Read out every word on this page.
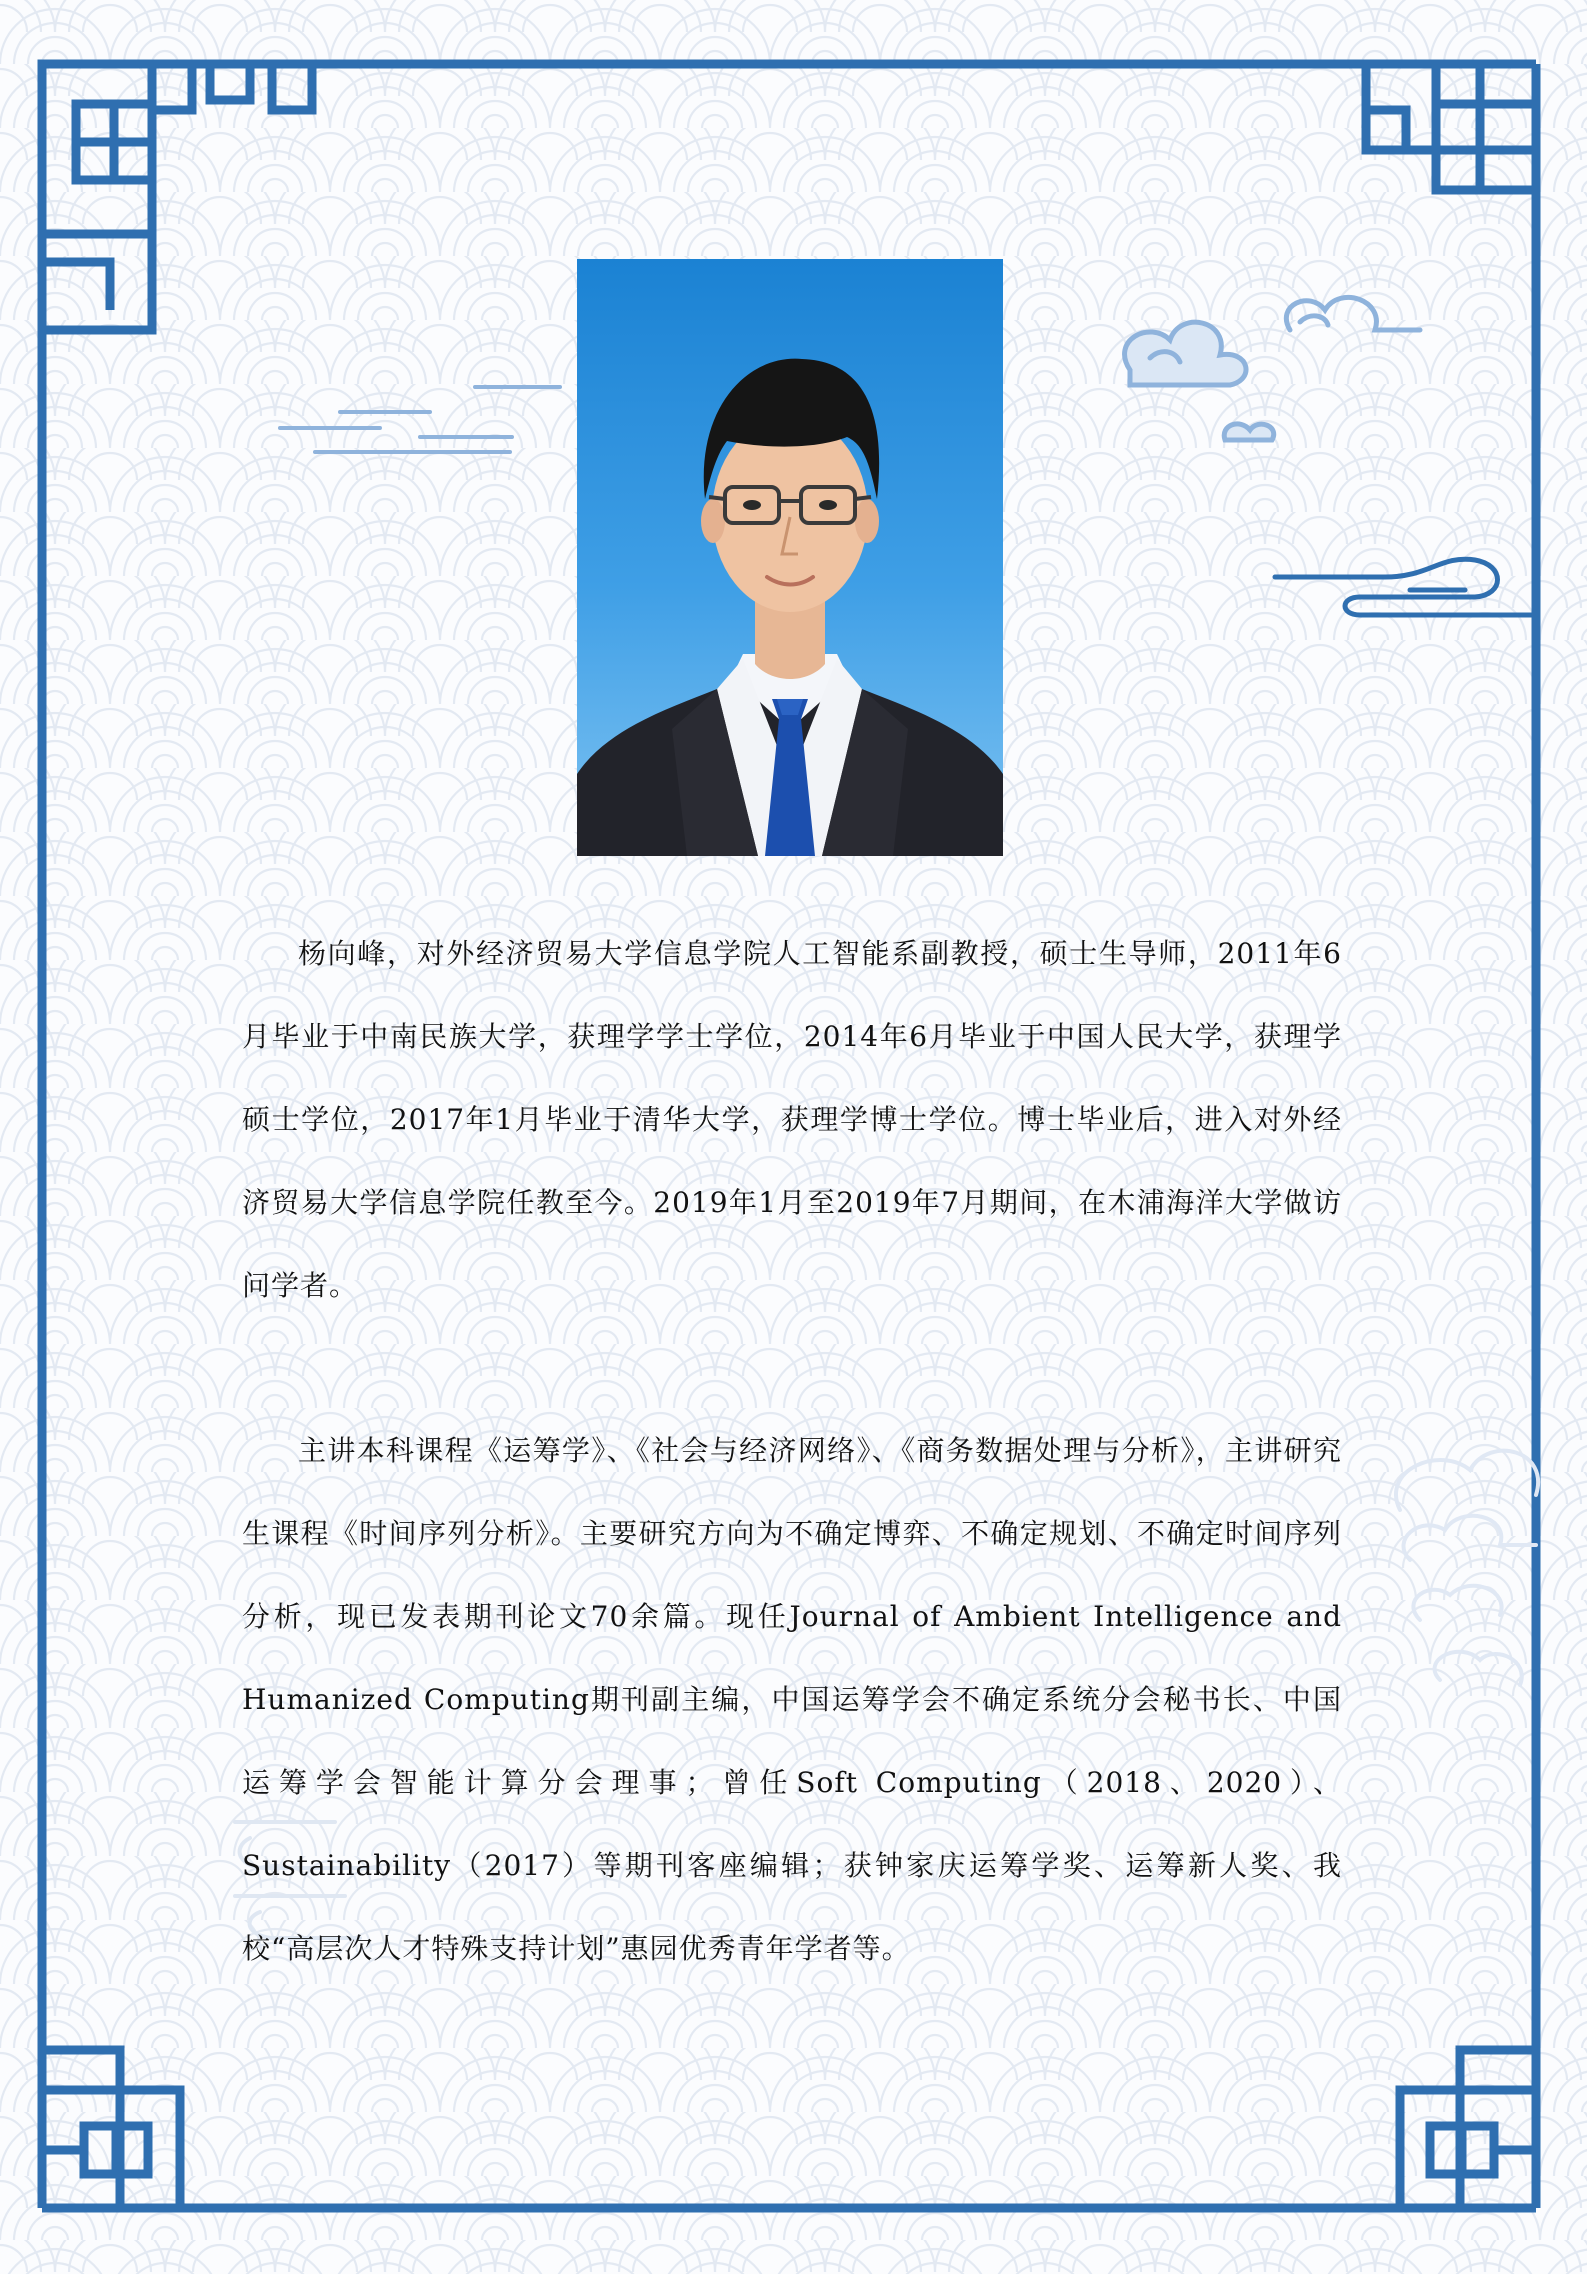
杨向峰，对外经济贸易大学信息学院人工智能系副教授，硕士生导师，2011年6月毕业于中南民族大学，获理学学士学位，2014年6月毕业于中国人民大学，获理学硕士学位，2017年1月毕业于清华大学，获理学博士学位。博士毕业后，进入对外经济贸易大学信息学院任教至今。2019年1月至2019年7月期间，在木浦海洋大学做访问学者。

主讲本科课程《运筹学》、《社会与经济网络》、《商务数据处理与分析》，主讲研究生课程《时间序列分析》。主要研究方向为不确定博弈、不确定规划、不确定时间序列分析，现已发表期刊论文70余篇。现任Journal of Ambient Intelligence and Humanized Computing期刊副主编，中国运筹学会不确定系统分会秘书长、中国运筹学会智能计算分会理事；曾任Soft Computing（2018、2020）、Sustainability（2017）等期刊客座编辑；获钟家庆运筹学奖、运筹新人奖、我校“高层次人才特殊支持计划”惠园优秀青年学者等。
